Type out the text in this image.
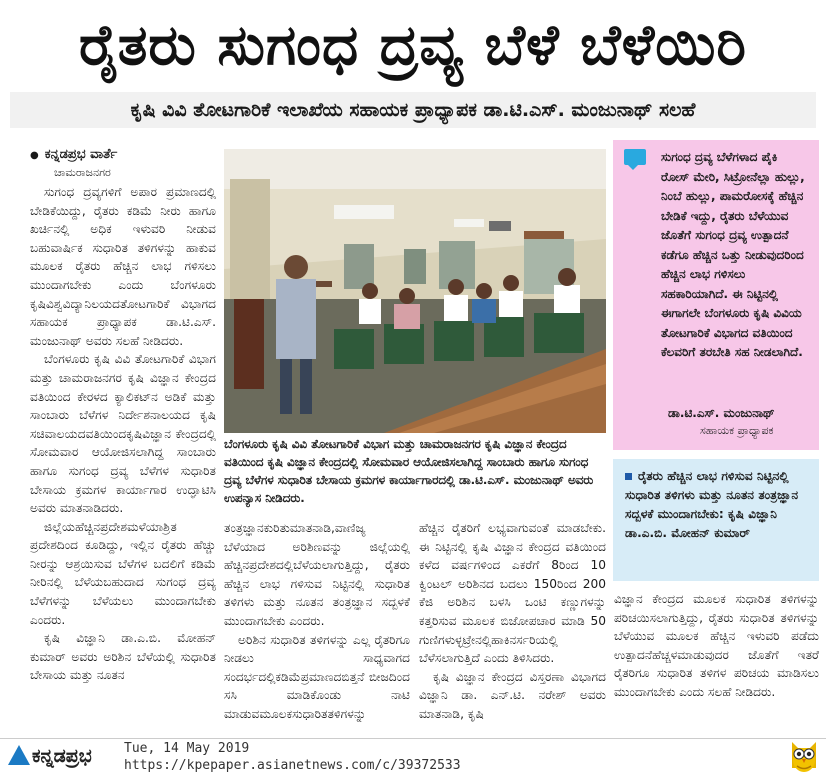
ರೈತರು ಸುಗಂಧ ದ್ರವ್ಯ ಬೆಳೆ ಬೆಳೆಯಿರಿ
ಕೃಷಿ ವಿವಿ ತೋಟಗಾರಿಕೆ ಇಲಾಖೆಯ ಸಹಾಯಕ ಪ್ರಾಧ್ಯಾಪಕ ಡಾ.ಟಿ.ಎಸ್. ಮಂಜುನಾಥ್ ಸಲಹೆ
● ಕನ್ನಡಪ್ರಭ ವಾರ್ತೆ
ಚಾಮರಾಜನಗರ

ಸುಗಂಧ ದ್ರವ್ಯಗಳಿಗೆ ಅಪಾರ ಪ್ರಮಾಣದಲ್ಲಿ ಬೇಡಿಕೆಯಿದ್ದು, ರೈತರು ಕಡಿಮೆ ನೀರು ಹಾಗೂ ಖರ್ಚಿನಲ್ಲಿ ಅಧಿಕ ಇಳುವರಿ ನೀಡುವ ಬಹುವಾರ್ಷಿಕ ಸುಧಾರಿತ ತಳಿಗಳನ್ನು ಹಾಕುವ ಮೂಲಕ ರೈತರು ಹೆಚ್ಚಿನ ಲಾಭ ಗಳಿಸಲು ಮುಂದಾಗಬೇಕು ಎಂದು ಬೆಂಗಳೂರು ಕೃಷಿವಿಶ್ವವಿದ್ಯಾನಿಲಯದತೋಟಗಾರಿಕೆ ವಿಭಾಗದ ಸಹಾಯಕ ಪ್ರಾಧ್ಯಾಪಕ ಡಾ.ಟಿ.ಎಸ್. ಮಂಜುನಾಥ್ ಅವರು ಸಲಹೆ ನೀಡಿದರು.

ಬೆಂಗಳೂರು ಕೃಷಿ ವಿವಿ ತೋಟಗಾರಿಕೆ ವಿಭಾಗ ಮತ್ತು ಚಾಮರಾಜನಗರ ಕೃಷಿ ವಿಜ್ಞಾನ ಕೇಂದ್ರದ ವತಿಯಿಂದ ಕೇರಳದ ಕ್ಯಾಲಿಕಟ್‌ನ ಅಡಿಕೆ ಮತ್ತು ಸಾಂಬಾರು ಬೆಳೆಗಳ ನಿರ್ದೇಶನಾಲಯದ ಕೃಷಿ ಸಚಿವಾಲಯದವತಿಯಿಂದಕೃಷಿವಿಜ್ಞಾನ ಕೇಂದ್ರದಲ್ಲಿ ಸೋಮವಾರ ಆಯೋಜಿಸಲಾಗಿದ್ದ ಸಾಂಬಾರು ಹಾಗೂ ಸುಗಂಧ ದ್ರವ್ಯ ಬೆಳೆಗಳ ಸುಧಾರಿತ ಬೇಸಾಯ ಕ್ರಮಗಳ ಕಾರ್ಯಾಗಾರ ಉದ್ಘಾಟಿಸಿ ಅವರು ಮಾತನಾಡಿದರು.

ಜಿಲ್ಲೆಯಹೆಚ್ಚಿನಪ್ರದೇಶಮಳೆಯಾಶ್ರಿತ ಪ್ರದೇಶದಿಂದ ಕೂಡಿದ್ದು, ಇಲ್ಲಿನ ರೈತರು ಹೆಚ್ಚು ನೀರನ್ನು ಆಶ್ರಯಿಸುವ ಬೆಳೆಗಳ ಬದಲಿಗೆ ಕಡಿಮೆ ನೀರಿನಲ್ಲಿ ಬೆಳೆಯಬಹುದಾದ ಸುಗಂಧ ದ್ರವ್ಯ ಬೆಳೆಗಳನ್ನು ಬೆಳೆಯಲು ಮುಂದಾಗಬೇಕು ಎಂದರು.

ಕೃಷಿ ವಿಜ್ಞಾನಿ ಡಾ.ಎ.ಬಿ. ಮೋಹನ್ ಕುಮಾರ್ ಅವರು ಅರಿಶಿನ ಬೆಳೆಯಲ್ಲಿ ಸುಧಾರಿತ ಬೇಸಾಯ ಮತ್ತು ನೂತನ

ಬೆಂಗಳೂರು ಕೃಷಿ ವಿವಿ ತೋಟಗಾರಿಕೆ ವಿಭಾಗ ಮತ್ತು ಚಾಮರಾಜನಗರ ಕೃಷಿ ವಿಜ್ಞಾನ ಕೇಂದ್ರದ ವತಿಯಿಂದ ಕೃಷಿ ವಿಜ್ಞಾನ ಕೇಂದ್ರದಲ್ಲಿ ಸೋಮವಾರ ಆಯೋಜಿಸಲಾಗಿದ್ದ ಸಾಂಬಾರು ಹಾಗೂ ಸುಗಂಧ ದ್ರವ್ಯ ಬೆಳೆಗಳ ಸುಧಾರಿತ ಬೇಸಾಯ ಕ್ರಮಗಳ ಕಾರ್ಯಾಗಾರದಲ್ಲಿ ಡಾ.ಟಿ.ಎಸ್. ಮಂಜುನಾಥ್ ಅವರು ಉಪನ್ಯಾಸ ನೀಡಿದರು.

ತಂತ್ರಜ್ಞಾನಕುರಿತುಮಾತನಾಡಿ,ವಾಣಿಜ್ಯ ಬೆಳೆಯಾದ ಅರಿಶಿಣವನ್ನು ಜಿಲ್ಲೆಯಲ್ಲಿ ಹೆಚ್ಚಿನಪ್ರದೇಶದಲ್ಲಿಬೆಳೆಯಲಾಗುತ್ತಿದ್ದು, ರೈತರು ಹೆಚ್ಚಿನ ಲಾಭ ಗಳಿಸುವ ನಿಟ್ಟಿನಲ್ಲಿ ಸುಧಾರಿತ ತಳಿಗಳು ಮತ್ತು ನೂತನ ತಂತ್ರಜ್ಞಾನ ಸದ್ಬಳಕೆ ಮುಂದಾಗಬೇಕು ಎಂದರು.

ಅರಿಶಿನ ಸುಧಾರಿತ ತಳಿಗಳನ್ನು ಎಲ್ಲ ರೈತರಿಗೂ ನೀಡಲು ಸಾಧ್ಯವಾಗದ ಸಂದರ್ಭದಲ್ಲಿಕಡಿಮೆಪ್ರಮಾಣದಬಿತ್ತನೆ ಬೀಜದಿಂದ ಸಸಿ ಮಾಡಿಕೊಂಡು ನಾಟಿ ಮಾಡುವಮೂಲಕಸುಧಾರಿತತಳಿಗಳನ್ನು

ಹೆಚ್ಚಿನ ರೈತರಿಗೆ ಲಭ್ಯವಾಗುವಂತೆ ಮಾಡಬೇಕು. ಈ ನಿಟ್ಟಿನಲ್ಲಿ ಕೃಷಿ ವಿಜ್ಞಾನ ಕೇಂದ್ರದ ವತಿಯಿಂದ ಕಳೆದ ವರ್ಷಗಳಿಂದ ಎಕರೆಗೆ 8ರಿಂದ 10 ಕ್ವಿಂಟಲ್ ಅರಿಶಿನದ ಬದಲು 150ರಿಂದ 200 ಕೆಜಿ ಅರಿಶಿನ ಬಳಸಿ ಒಂಟಿ ಕಣ್ಣುಗಳನ್ನು ಕತ್ತರಿಸುವ ಮೂಲಕ ಬಿಜೋಪಚಾರ ಮಾಡಿ 50 ಗುಣಿಗಳುಳ್ಳಟ್ರೇನಲ್ಲಿಹಾಕಿನರ್ಸರಿಯಲ್ಲಿ ಬೆಳೆಸಲಾಗುತ್ತಿದೆ ಎಂದು ತಿಳಿಸಿದರು.

ಕೃಷಿ ವಿಜ್ಞಾನ ಕೇಂದ್ರದ ವಿಸ್ತರಣಾ ವಿಭಾಗದ ವಿಜ್ಞಾನಿ ಡಾ. ಎನ್.ಟಿ. ನರೇಶ್ ಅವರು ಮಾತನಾಡಿ, ಕೃಷಿ

ಸುಗಂಧ ದ್ರವ್ಯ ಬೆಳೆಗಳಾದ ಪೈಕಿ ರೋಸ್ ಮೇರಿ, ಸಿಟ್ರೋನೆಲ್ಲಾ ಹುಲ್ಲು, ನಿಂಬೆ ಹುಲ್ಲು, ಪಾಮರೋಸಕ್ಕೆ ಹೆಚ್ಚಿನ ಬೇಡಿಕೆ ಇದ್ದು, ರೈತರು ಬೆಳೆಯುವ ಜೊತೆಗೆ ಸುಗಂಧ ದ್ರವ್ಯ ಉತ್ಪಾದನೆ ಕಡೆಗೂ ಹೆಚ್ಚಿನ ಒತ್ತು ನೀಡುವುದರಿಂದ ಹೆಚ್ಚಿನ ಲಾಭ ಗಳಿಸಲು ಸಹಕಾರಿಯಾಗಿದೆ. ಈ ನಿಟ್ಟಿನಲ್ಲಿ ಈಗಾಗಲೇ ಬೆಂಗಳೂರು ಕೃಷಿ ವಿವಿಯ ತೋಟಗಾರಿಕೆ ವಿಭಾಗದ ವತಿಯಿಂದ ಕೆಲವರಿಗೆ ತರಬೇತಿ ಸಹ ನೀಡಲಾಗಿದೆ.
ಡಾ.ಟಿ.ಎಸ್. ಮಂಜುನಾಥ್
ಸಹಾಯಕ ಪ್ರಾಧ್ಯಾಪಕ
ರೈತರು ಹೆಚ್ಚಿನ ಲಾಭ ಗಳಿಸುವ ನಿಟ್ಟಿನಲ್ಲಿ ಸುಧಾರಿತ ತಳಿಗಳು ಮತ್ತು ನೂತನ ತಂತ್ರಜ್ಞಾನ ಸದ್ಬಳಕೆ ಮುಂದಾಗಬೇಕು: ಕೃಷಿ ವಿಜ್ಞಾನಿ ಡಾ.ಎ.ಬಿ. ಮೋಹನ್ ಕುಮಾರ್

ವಿಜ್ಞಾನ ಕೇಂದ್ರದ ಮೂಲಕ ಸುಧಾರಿತ ತಳಿಗಳನ್ನು ಪರಿಚಯಿಸಲಾಗುತ್ತಿದ್ದು, ರೈತರು ಸುಧಾರಿತ ತಳಿಗಳನ್ನು ಬೆಳೆಯುವ ಮೂಲಕ ಹೆಚ್ಚಿನ ಇಳುವರಿ ಪಡೆದು ಉತ್ಪಾದನೆಹೆಚ್ಚಳಮಾಡುವುದರ ಜೊತೆಗೆ ಇತರೆ ರೈತರಿಗೂ ಸುಧಾರಿತ ತಳಿಗಳ ಪರಿಚಯ ಮಾಡಿಸಲು ಮುಂದಾಗಬೇಕು ಎಂದು ಸಲಹೆ ನೀಡಿದರು.

ಕನ್ನಡಪ್ರಭ Tue, 14 May 2019
https://kpepaper.asianetnews.com/c/39372533
